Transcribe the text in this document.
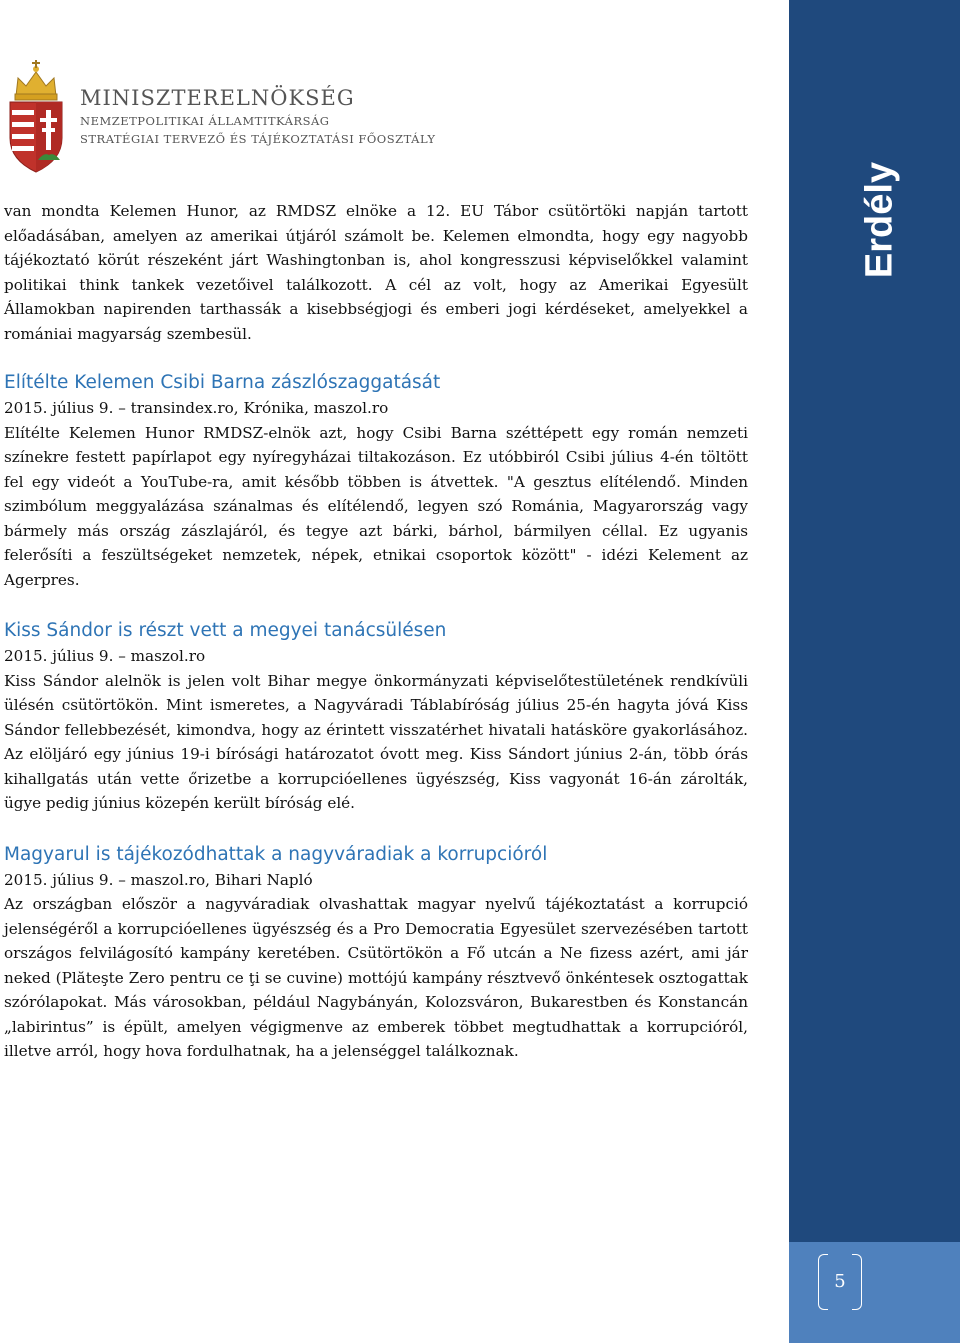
Erdély
5
MINISZTERELNÖKSÉG
NEMZETPOLITIKAI ÁLLAMTITKÁRSÁG
STRATÉGIAI TERVEZŐ ÉS TÁJÉKOZTATÁSI FŐOSZTÁLY

van mondta Kelemen Hunor, az RMDSZ elnöke a 12. EU Tábor csütörtöki napján tartott előadásában, amelyen az amerikai útjáról számolt be. Kelemen elmondta, hogy egy nagyobb tájékoztató körút részeként járt Washingtonban is, ahol kongresszusi képviselőkkel valamint politikai think tankek vezetőivel találkozott. A cél az volt, hogy az Amerikai Egyesült Államokban napirenden tarthassák a kisebbségjogi és emberi jogi kérdéseket, amelyekkel a romániai magyarság szembesül.

Elítélte Kelemen Csibi Barna zászlószaggatását

2015. július 9. – transindex.ro, Krónika, maszol.ro

Elítélte Kelemen Hunor RMDSZ-elnök azt, hogy Csibi Barna széttépett egy román nemzeti színekre festett papírlapot egy nyíregyházai tiltakozáson. Ez utóbbiról Csibi július 4-én töltött fel egy videót a YouTube-ra, amit később többen is átvettek. "A gesztus elítélendő. Minden szimbólum meggyalázása szánalmas és elítélendő, legyen szó Románia, Magyarország vagy bármely más ország zászlajáról, és tegye azt bárki, bárhol, bármilyen céllal. Ez ugyanis felerősíti a feszültségeket nemzetek, népek, etnikai csoportok között" - idézi Kelement az Agerpres.

Kiss Sándor is részt vett a megyei tanácsülésen

2015. július 9. – maszol.ro

Kiss Sándor alelnök is jelen volt Bihar megye önkormányzati képviselőtestületének rendkívüli ülésén csütörtökön. Mint ismeretes, a Nagyváradi Táblabíróság július 25-én hagyta jóvá Kiss Sándor fellebbezését, kimondva, hogy az érintett visszatérhet hivatali hatásköre gyakorlásához. Az elöljáró egy június 19-i bírósági határozatot óvott meg. Kiss Sándort június 2-án, több órás kihallgatás után vette őrizetbe a korrupcióellenes ügyészség, Kiss vagyonát 16-án zárolták, ügye pedig június közepén került bíróság elé.

Magyarul is tájékozódhattak a nagyváradiak a korrupcióról

2015. július 9. – maszol.ro, Bihari Napló

Az országban először a nagyváradiak olvashattak magyar nyelvű tájékoztatást a korrupció jelenségéről a korrupcióellenes ügyészség és a Pro Democratia Egyesület szervezésében tartott országos felvilágosító kampány keretében. Csütörtökön a Fő utcán a Ne fizess azért, ami jár neked (Plăteşte Zero pentru ce ţi se cuvine) mottójú kampány résztvevő önkéntesek osztogattak szórólapokat. Más városokban, például Nagybányán, Kolozsváron, Bukarestben és Konstancán „labirintus” is épült, amelyen végigmenve az emberek többet megtudhattak a korrupcióról, illetve arról, hogy hova fordulhatnak, ha a jelenséggel találkoznak.
